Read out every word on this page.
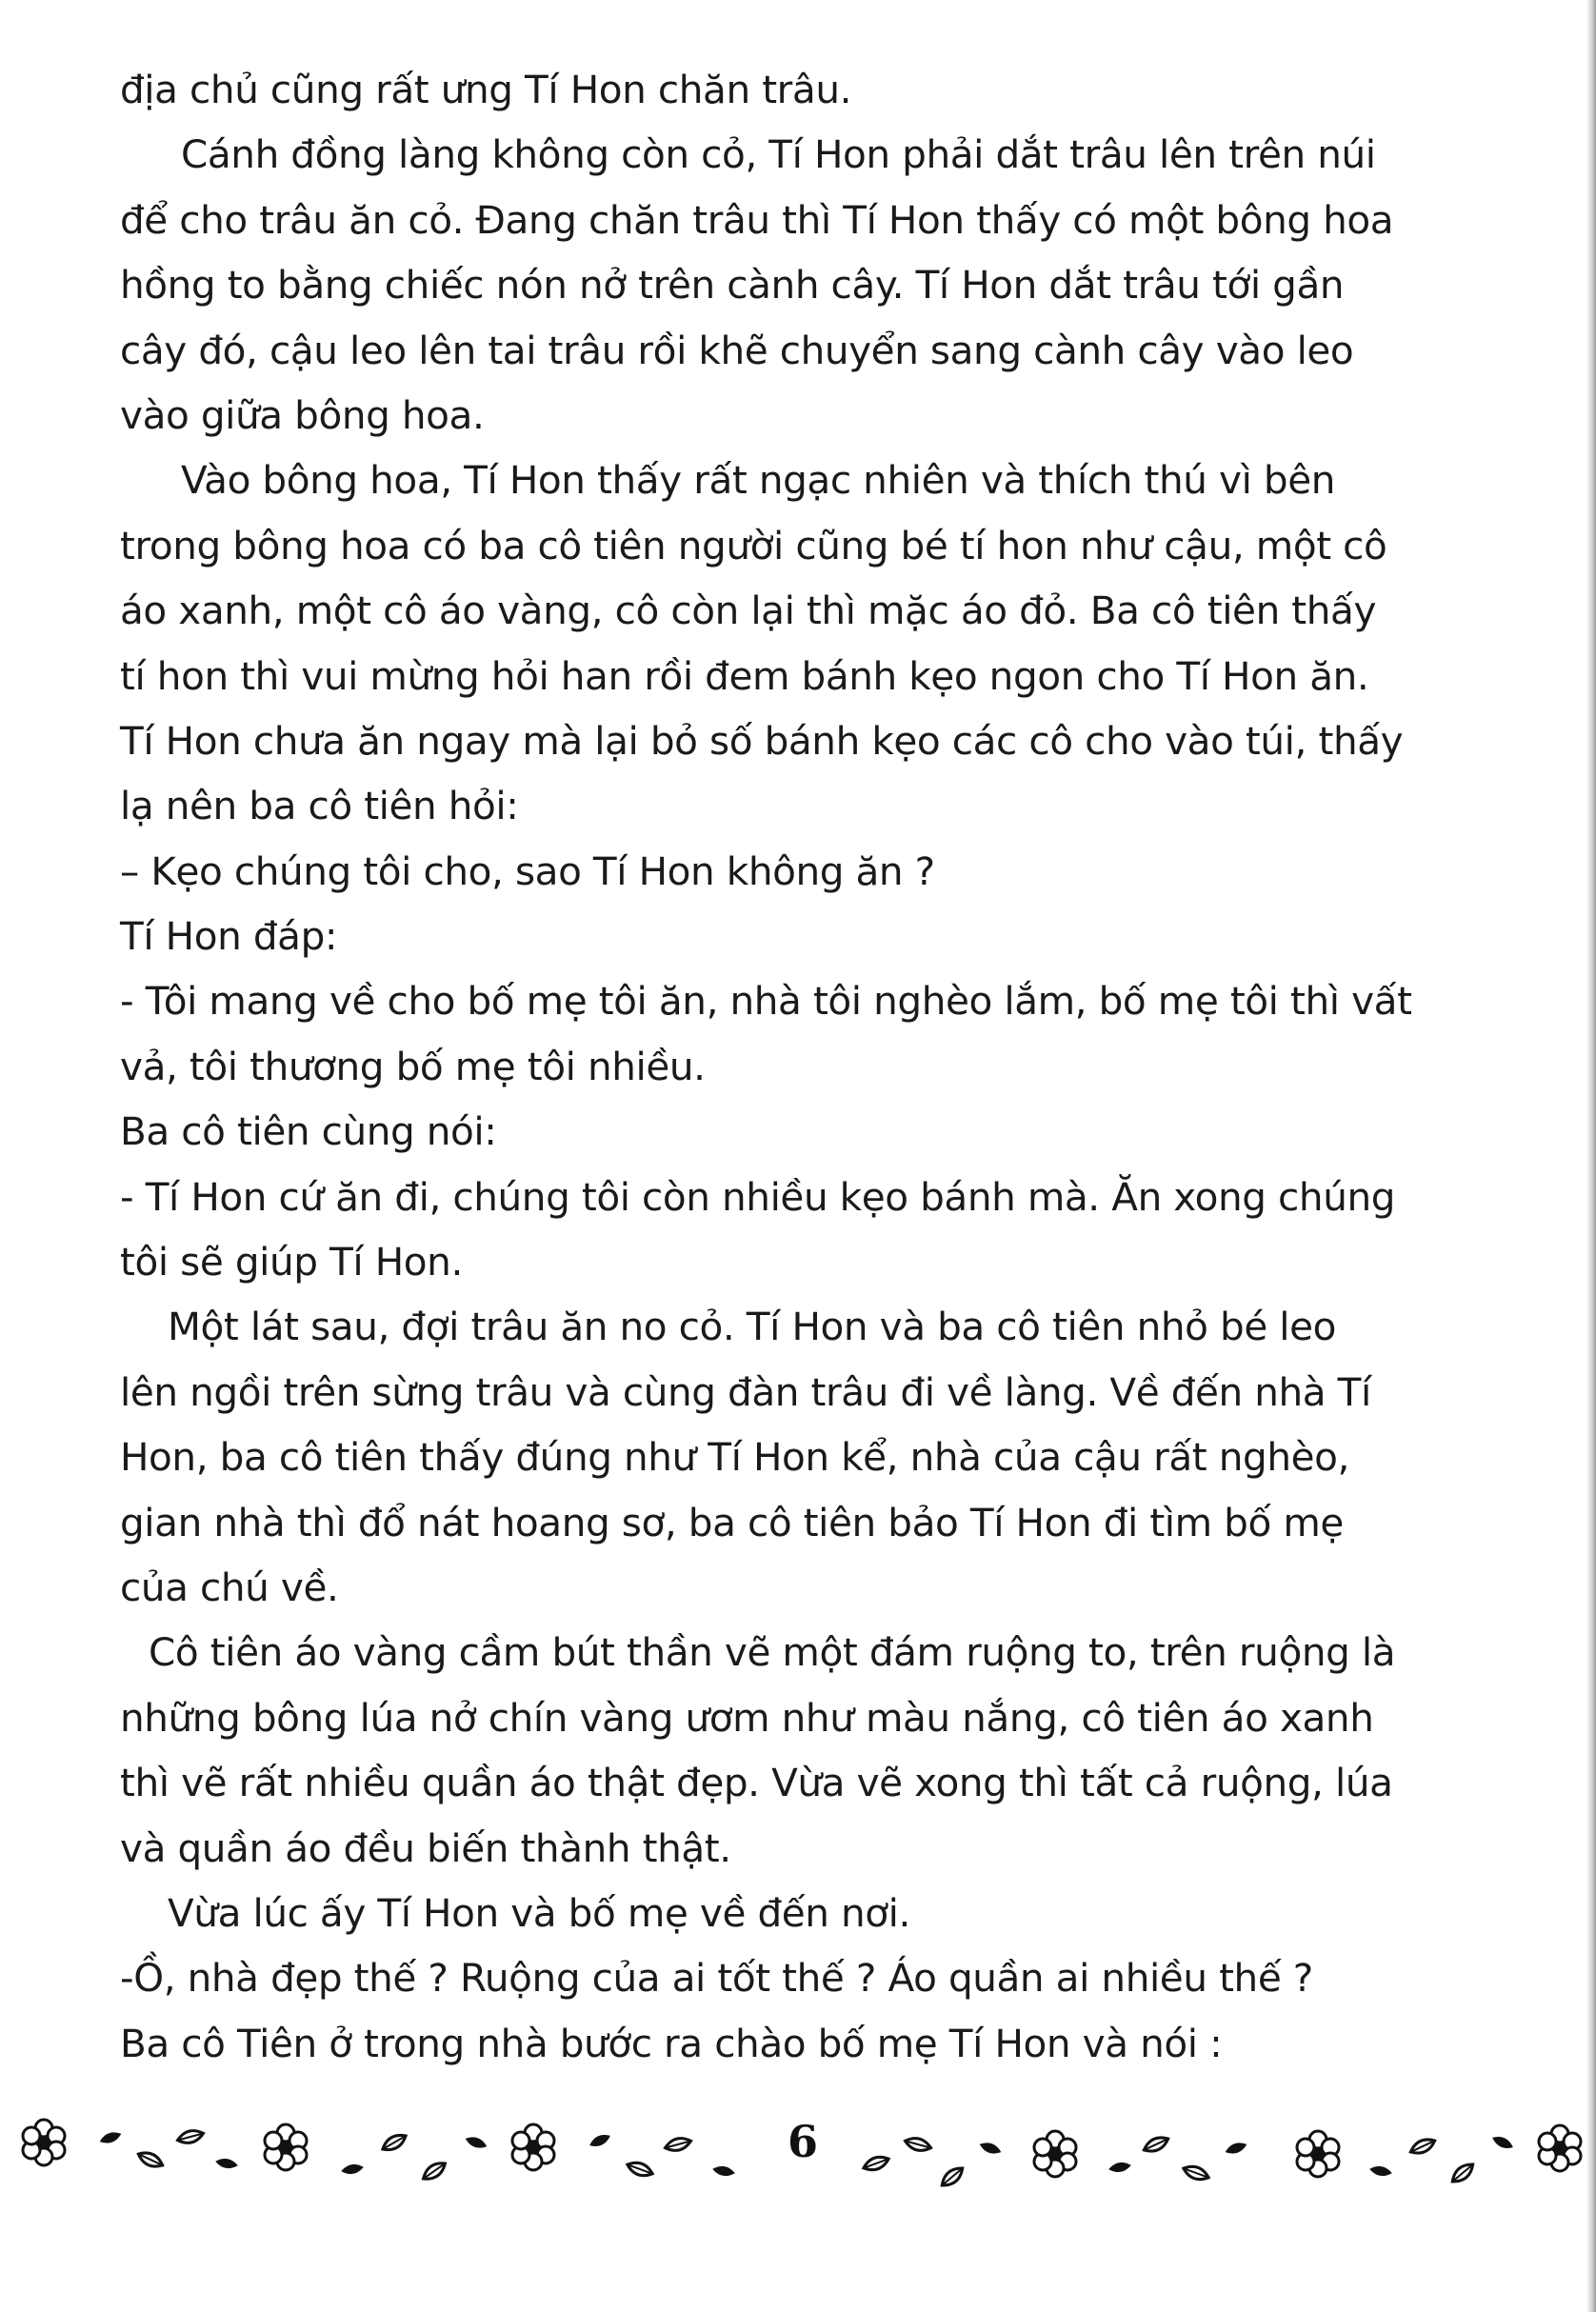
địa chủ cũng rất ưng Tí Hon chăn trâu.
Cánh đồng làng không còn cỏ, Tí Hon phải dắt trâu lên trên núi
để cho trâu ăn cỏ. Đang chăn trâu thì Tí Hon thấy có một bông hoa
hồng to bằng chiếc nón nở trên cành cây. Tí Hon dắt trâu tới gần
cây đó, cậu leo lên tai trâu rồi khẽ chuyển sang cành cây vào leo
vào giữa bông hoa.
Vào bông hoa, Tí Hon thấy rất ngạc nhiên và thích thú vì bên
trong bông hoa có ba cô tiên người cũng bé tí hon như cậu, một cô
áo xanh, một cô áo vàng, cô còn lại thì mặc áo đỏ. Ba cô tiên thấy
tí hon thì vui mừng hỏi han rồi đem bánh kẹo ngon cho Tí Hon ăn.
Tí Hon chưa ăn ngay mà lại bỏ số bánh kẹo các cô cho vào túi, thấy
lạ nên ba cô tiên hỏi:
– Kẹo chúng tôi cho, sao Tí Hon không ăn ?
Tí Hon đáp:
- Tôi mang về cho bố mẹ tôi ăn, nhà tôi nghèo lắm, bố mẹ tôi thì vất
vả, tôi thương bố mẹ tôi nhiều.
Ba cô tiên cùng nói:
- Tí Hon cứ ăn đi, chúng tôi còn nhiều kẹo bánh mà. Ăn xong chúng
tôi sẽ giúp Tí Hon.
Một lát sau, đợi trâu ăn no cỏ. Tí Hon và ba cô tiên nhỏ bé leo
lên ngồi trên sừng trâu và cùng đàn trâu đi về làng. Về đến nhà Tí
Hon, ba cô tiên thấy đúng như Tí Hon kể, nhà của cậu rất nghèo,
gian nhà thì đổ nát hoang sơ, ba cô tiên bảo Tí Hon đi tìm bố mẹ
của chú về.
Cô tiên áo vàng cầm bút thần vẽ một đám ruộng to, trên ruộng là
những bông lúa nở chín vàng ươm như màu nắng, cô tiên áo xanh
thì vẽ rất nhiều quần áo thật đẹp. Vừa vẽ xong thì tất cả ruộng, lúa
và quần áo đều biến thành thật.
Vừa lúc ấy Tí Hon và bố mẹ về đến nơi.
-Ồ, nhà đẹp thế ? Ruộng của ai tốt thế ? Áo quần ai nhiều thế ?
Ba cô Tiên ở trong nhà bước ra chào bố mẹ Tí Hon và nói :
6
